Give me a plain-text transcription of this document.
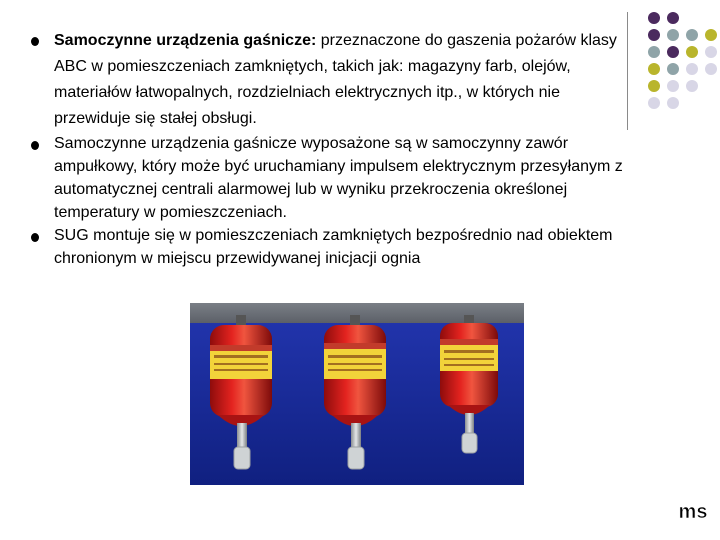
Samoczynne urządzenia gaśnicze: przeznaczone do gaszenia pożarów klasy ABC w pomieszczeniach zamkniętych, takich jak: magazyny farb, olejów, materiałów łatwopalnych, rozdzielniach elektrycznych itp., w których nie przewiduje się stałej obsługi.
Samoczynne urządzenia gaśnicze wyposażone są w samoczynny zawór ampułkowy, który może być uruchamiany impulsem elektrycznym przesyłanym z automatycznej centrali alarmowej lub w wyniku przekroczenia określonej temperatury w pomieszczeniach.
SUG montuje się w pomieszczeniach zamkniętych bezpośrednio nad obiektem chronionym w miejscu przewidywanej inicjacji ognia
ms
